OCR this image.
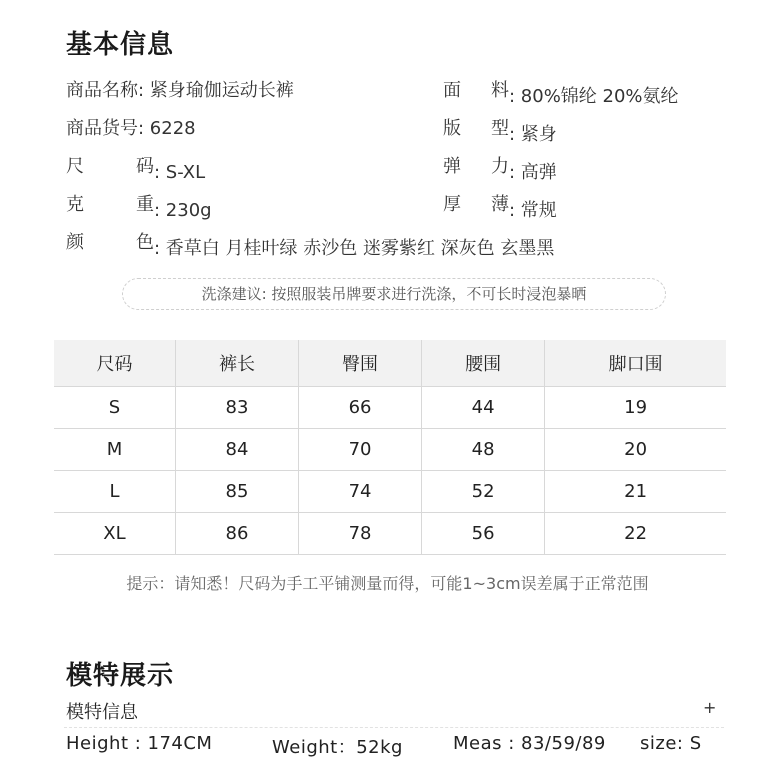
基本信息
商品名称: 紧身瑜伽运动长裤
商品货号: 6228
尺	码 : S-XL
克	重 : 230g
颜	色 : 香草白 月桂叶绿 赤沙色 迷雾紫红 深灰色 玄墨黑
面 料 : 80%锦纶 20%氨纶
版 型 : 紧身
弹 力 : 高弹
厚 薄 : 常规
洗涤建议: 按照服装吊牌要求进行洗涤，不可长时浸泡暴晒
尺码	裤长	臀围	腰围	脚口围
S	83	66	44	19
M	84	70	48	20
L	85	74	52	21
XL	86	78	56	22
提示：请知悉！尺码为手工平铺测量而得，可能1~3cm误差属于正常范围
模特展示
模特信息	+
Height : 174CM	Weight：52kg	Meas : 83/59/89 size: S
